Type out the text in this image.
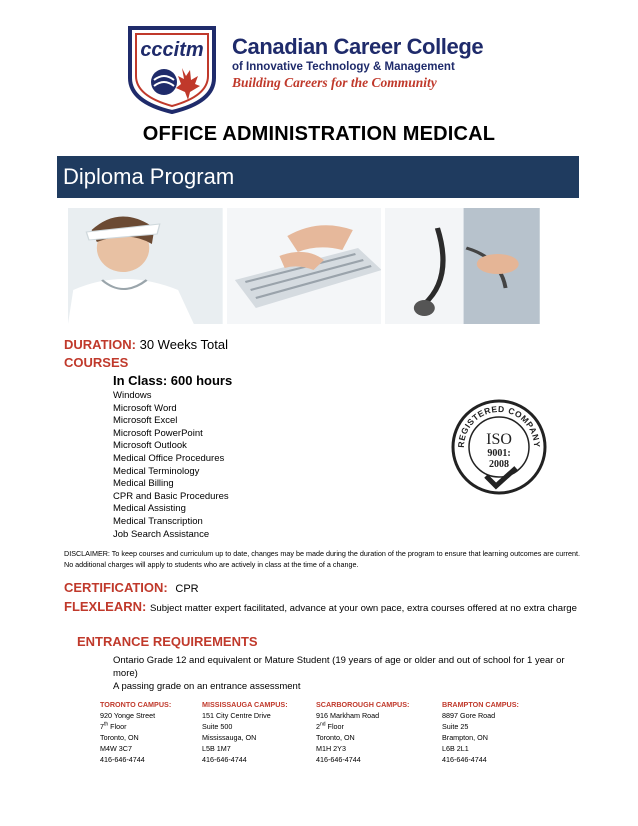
cccitm Canadian Career College
of Innovative Technology & Management
Building Careers for the Community
OFFICE ADMINISTRATION MEDICAL
Diploma Program
DURATION: 30 Weeks Total
COURSES
In Class: 600 hours
Windows
Microsoft Word
Microsoft Excel
Microsoft PowerPoint
Microsoft Outlook
Medical Office Procedures
Medical Terminology
Medical Billing
CPR and Basic Procedures
Medical Assisting
Medical Transcription
Job Search Assistance
REGISTERED COMPANY
ISO
9001:
2008
DISCLAIMER: To keep courses and curriculum up to date, changes may be made during the duration of the program to ensure that learning outcomes are current. No additional charges will apply to students who are actively in class at the time of a change.
CERTIFICATION: CPR
FLEXLEARN: Subject matter expert facilitated, advance at your own pace, extra courses offered at no extra charge
ENTRANCE REQUIREMENTS
Ontario Grade 12 and equivalent or Mature Student (19 years of age or older and out of school for 1 year or more)
A passing grade on an entrance assessment
TORONTO CAMPUS:
920 Yonge Street
7th Floor
Toronto, ON
M4W 3C7
416-646-4744
MISSISSAUGA CAMPUS:
151 City Centre Drive
Suite 500
Mississauga, ON
L5B 1M7
416-646-4744
SCARBOROUGH CAMPUS:
916 Markham Road
2nd Floor
Toronto, ON
M1H 2Y3
416-646-4744
BRAMPTON CAMPUS:
8897 Gore Road
Suite 25
Brampton, ON
L6B 2L1
416-646-4744
